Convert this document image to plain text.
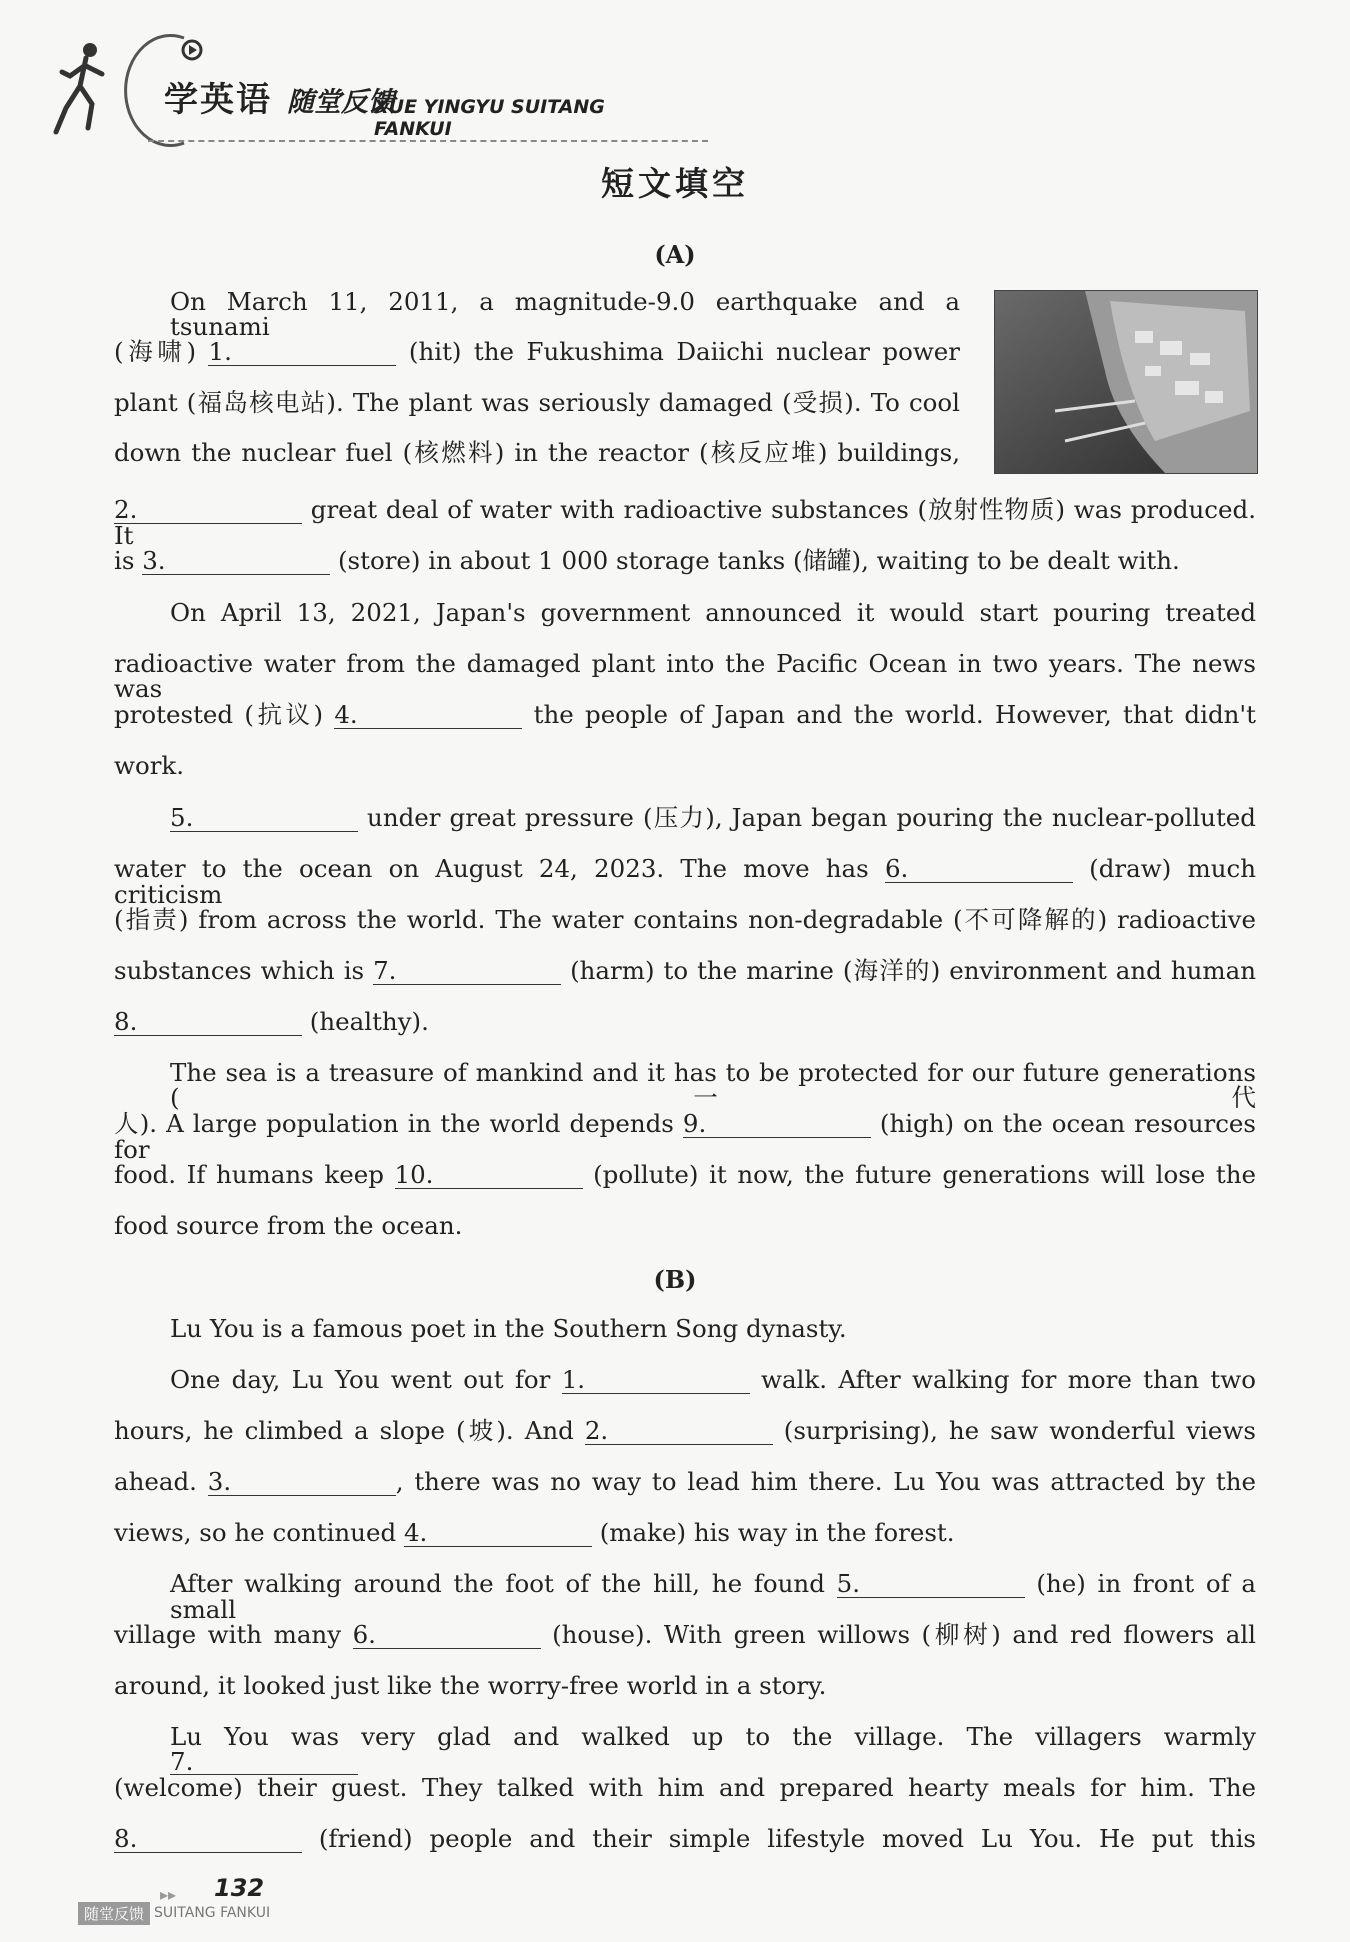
学英语 随堂反馈
XUE YINGYU SUITANG FANKUI
短文填空
(A)
On March 11, 2011, a magnitude-9.0 earthquake and a tsunami
(海啸) 1.	(hit) the Fukushima Daiichi nuclear power
plant (福岛核电站). The plant was seriously damaged (受损). To cool
down the nuclear fuel (核燃料) in the reactor (核反应堆) buildings,
2.	great deal of water with radioactive substances (放射性物质) was produced. It
is 3.	(store) in about 1 000 storage tanks (储罐), waiting to be dealt with.
On April 13, 2021, Japan's government announced it would start pouring treated
radioactive water from the damaged plant into the Pacific Ocean in two years. The news was
protested (抗议) 4.	the people of Japan and the world. However, that didn't
work.
5.	under great pressure (压力), Japan began pouring the nuclear-polluted
water to the ocean on August 24, 2023. The move has 6.	(draw) much criticism
(指责) from across the world. The water contains non-degradable (不可降解的) radioactive
substances which is 7.	(harm) to the marine (海洋的) environment and human
8.	(healthy).
The sea is a treasure of mankind and it has to be protected for our future generations (一代
人). A large population in the world depends 9.	(high) on the ocean resources for
food. If humans keep 10.	(pollute) it now, the future generations will lose the
food source from the ocean.
(B)
Lu You is a famous poet in the Southern Song dynasty.
One day, Lu You went out for 1.	walk. After walking for more than two
hours, he climbed a slope (坡). And 2.	(surprising), he saw wonderful views
ahead. 3.	, there was no way to lead him there. Lu You was attracted by the
views, so he continued 4.	(make) his way in the forest.
After walking around the foot of the hill, he found 5.	(he) in front of a small
village with many 6.	(house). With green willows (柳树) and red flowers all
around, it looked just like the worry-free world in a story.
Lu You was very glad and walked up to the village. The villagers warmly 7.
(welcome) their guest. They talked with him and prepared hearty meals for him. The
8.	(friend) people and their simple lifestyle moved Lu You. He put this
▸▸ 132
随堂反馈 SUITANG FANKUI
